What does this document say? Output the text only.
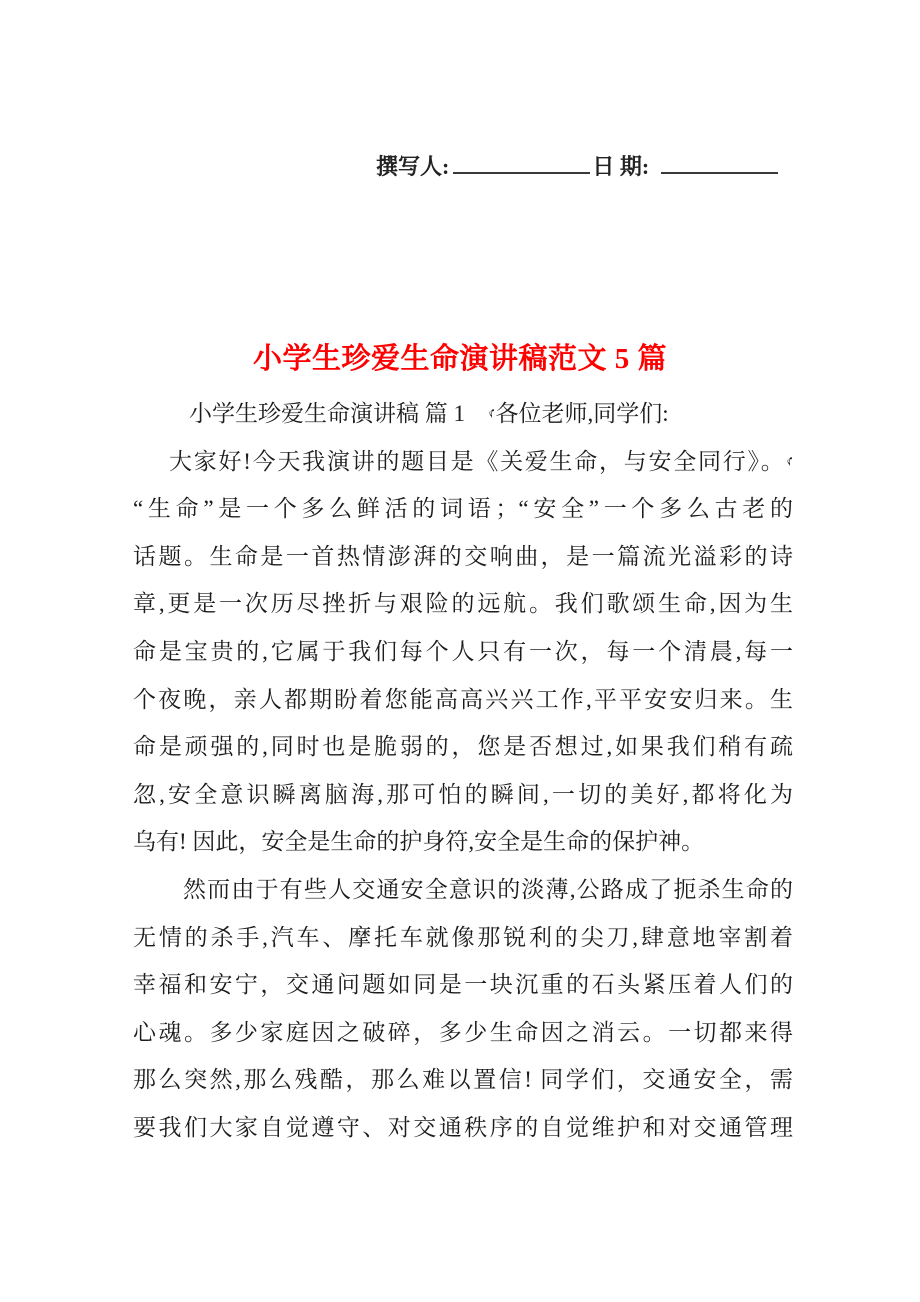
撰写人:	日 期:
小学生珍爱生命演讲稿范文 5 篇
小学生珍爱生命演讲稿 篇 1　♪各位老师,同学们:
大家好!今天我演讲的题目是《关爱生命，与安全同行》。♪
“生命”是一个多么鲜活的词语；“安全”一个多么古老的
话题。生命是一首热情澎湃的交响曲，是一篇流光溢彩的诗
章,更是一次历尽挫折与艰险的远航。我们歌颂生命,因为生
命是宝贵的,它属于我们每个人只有一次，每一个清晨,每一
个夜晚，亲人都期盼着您能高高兴兴工作,平平安安归来。生
命是顽强的,同时也是脆弱的，您是否想过,如果我们稍有疏
忽,安全意识瞬离脑海,那可怕的瞬间,一切的美好,都将化为
乌有! 因此，安全是生命的护身符,安全是生命的保护神。
然而由于有些人交通安全意识的淡薄,公路成了扼杀生命的
无情的杀手,汽车、摩托车就像那锐利的尖刀,肆意地宰割着
幸福和安宁，交通问题如同是一块沉重的石头紧压着人们的
心魂。多少家庭因之破碎，多少生命因之消云。一切都来得
那么突然,那么残酷，那么难以置信! 同学们，交通安全，需
要我们大家自觉遵守、对交通秩序的自觉维护和对交通管理
